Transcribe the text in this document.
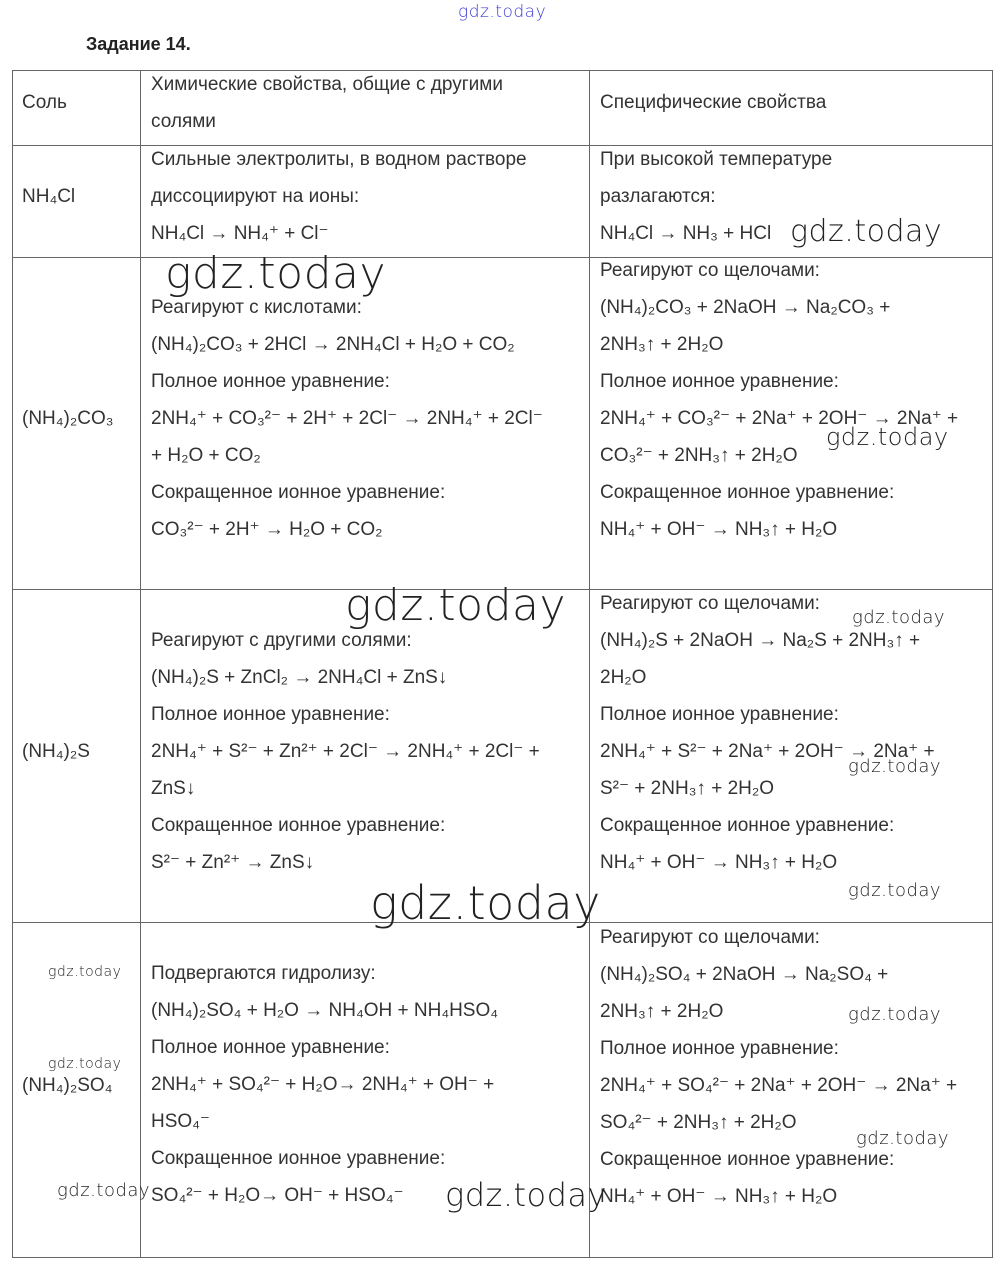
gdz.today
Задание 14.
Соль
Химические свойства, общие с другими
солями
Специфические свойства
NH₄Cl
Сильные электролиты, в водном растворе
диссоциируют на ионы:
NH₄Cl → NH₄⁺ + Cl⁻
При высокой температуре
разлагаются:
NH₄Cl → NH₃ + HCl
(NH₄)₂CO₃
Реагируют с кислотами:
(NH₄)₂CO₃ + 2HCl → 2NH₄Cl + H₂O + CO₂
Полное ионное уравнение:
2NH₄⁺ + CO₃²⁻ + 2H⁺ + 2Cl⁻ → 2NH₄⁺ + 2Cl⁻
+ H₂O + CO₂
Сокращенное ионное уравнение:
CO₃²⁻ + 2H⁺ → H₂O + CO₂
Реагируют со щелочами:
(NH₄)₂CO₃ + 2NaOH → Na₂CO₃ +
2NH₃↑ + 2H₂O
Полное ионное уравнение:
2NH₄⁺ + CO₃²⁻ + 2Na⁺ + 2OH⁻ → 2Na⁺ +
CO₃²⁻ + 2NH₃↑ + 2H₂O
Сокращенное ионное уравнение:
NH₄⁺ + OH⁻ → NH₃↑ + H₂O
(NH₄)₂S
Реагируют с другими солями:
(NH₄)₂S + ZnCl₂ → 2NH₄Cl + ZnS↓
Полное ионное уравнение:
2NH₄⁺ + S²⁻ + Zn²⁺ + 2Cl⁻ → 2NH₄⁺ + 2Cl⁻ +
ZnS↓
Сокращенное ионное уравнение:
S²⁻ + Zn²⁺ → ZnS↓
Реагируют со щелочами:
(NH₄)₂S + 2NaOH → Na₂S + 2NH₃↑ +
2H₂O
Полное ионное уравнение:
2NH₄⁺ + S²⁻ + 2Na⁺ + 2OH⁻ → 2Na⁺ +
S²⁻ + 2NH₃↑ + 2H₂O
Сокращенное ионное уравнение:
NH₄⁺ + OH⁻ → NH₃↑ + H₂O
(NH₄)₂SO₄
Подвергаются гидролизу:
(NH₄)₂SO₄ + H₂O → NH₄OH + NH₄HSO₄
Полное ионное уравнение:
2NH₄⁺ + SO₄²⁻ + H₂O→ 2NH₄⁺ + OH⁻ +
HSO₄⁻
Сокращенное ионное уравнение:
SO₄²⁻ + H₂O→ OH⁻ + HSO₄⁻
Реагируют со щелочами:
(NH₄)₂SO₄ + 2NaOH → Na₂SO₄ +
2NH₃↑ + 2H₂O
Полное ионное уравнение:
2NH₄⁺ + SO₄²⁻ + 2Na⁺ + 2OH⁻ → 2Na⁺ +
SO₄²⁻ + 2NH₃↑ + 2H₂O
Сокращенное ионное уравнение:
NH₄⁺ + OH⁻ → NH₃↑ + H₂O
gdz.today
gdz.today
gdz.today
gdz.today	gdz.today
gdz.today
gdz.today
gdz.today
gdz.today
gdz.today
gdz.today
gdz.today
gdz.today	gdz.today
